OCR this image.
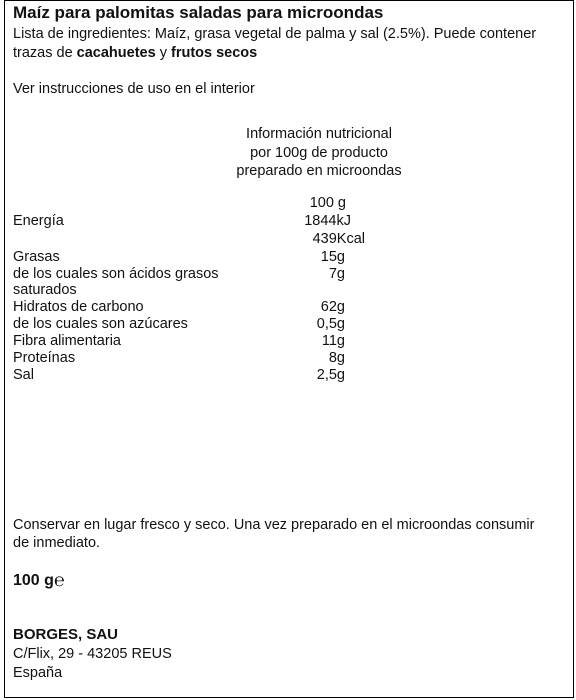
Maíz para palomitas saladas para microondas
Lista de ingredientes: Maíz, grasa vegetal de palma y sal (2.5%). Puede contener
trazas de cacahuetes y frutos secos
Ver instrucciones de uso en el interior
Información nutricional
por 100g de producto
preparado en microondas
100 g
Energía	1844kJ
439Kcal
Grasas	15g
de los cuales son ácidos grasos	7g
saturados
Hidratos de carbono	62g
de los cuales son azúcares	0,5g
Fibra alimentaria	11g
Proteínas	8g
Sal	2,5g
Conservar en lugar fresco y seco. Una vez preparado en el microondas consumir
de inmediato.
100 g℮
BORGES, SAU
C/Flix, 29 - 43205 REUS
España
